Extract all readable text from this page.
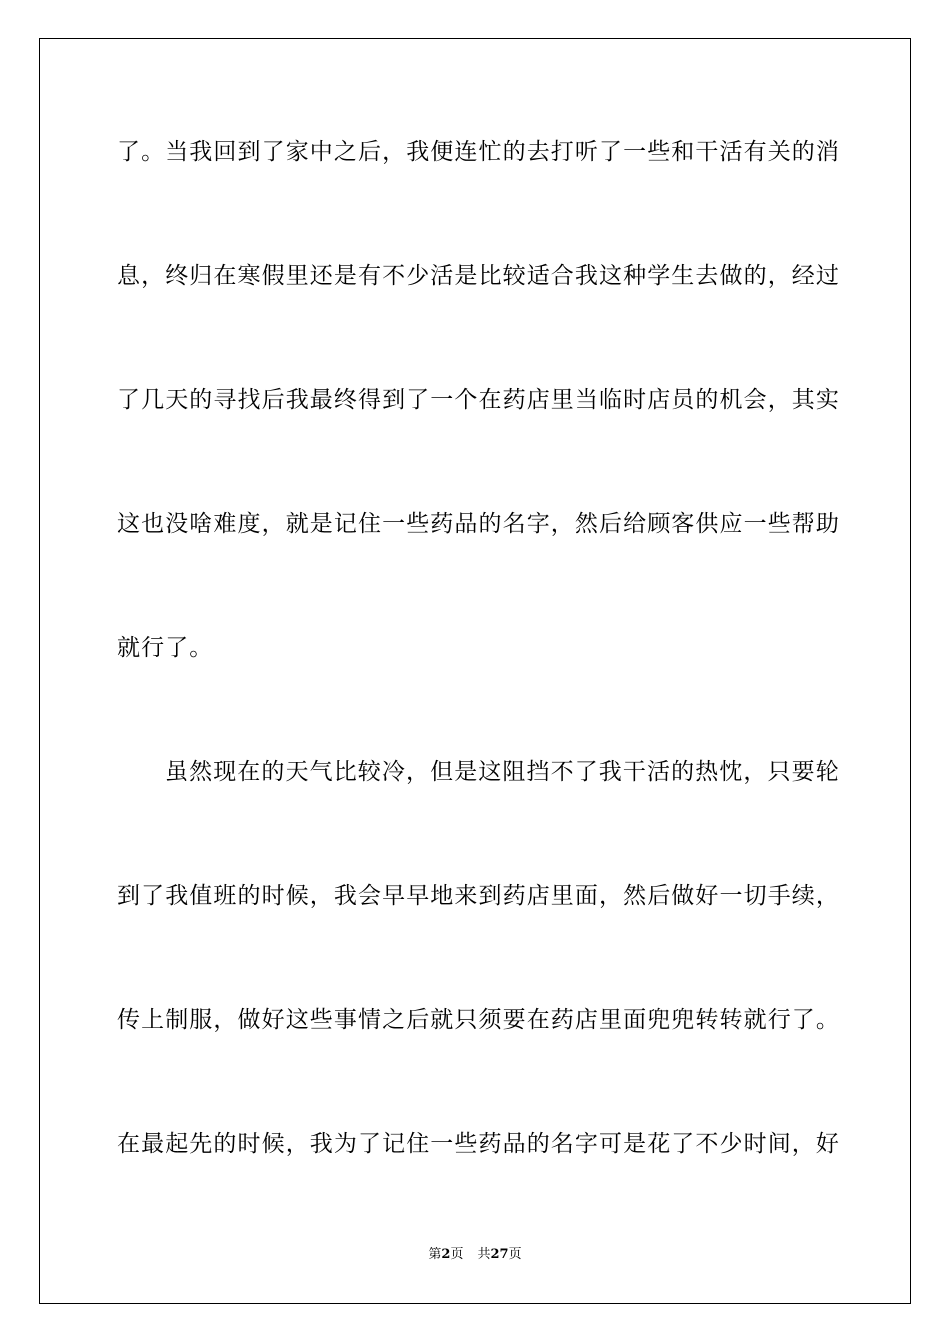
了。当我回到了家中之后，我便连忙的去打听了一些和干活有关的消
息，终归在寒假里还是有不少活是比较适合我这种学生去做的，经过
了几天的寻找后我最终得到了一个在药店里当临时店员的机会，其实
这也没啥难度，就是记住一些药品的名字，然后给顾客供应一些帮助
就行了。
虽然现在的天气比较冷，但是这阻挡不了我干活的热忱，只要轮
到了我值班的时候，我会早早地来到药店里面，然后做好一切手续，
传上制服，做好这些事情之后就只须要在药店里面兜兜转转就行了。
在最起先的时候，我为了记住一些药品的名字可是花了不少时间，好
第2页 共27页
